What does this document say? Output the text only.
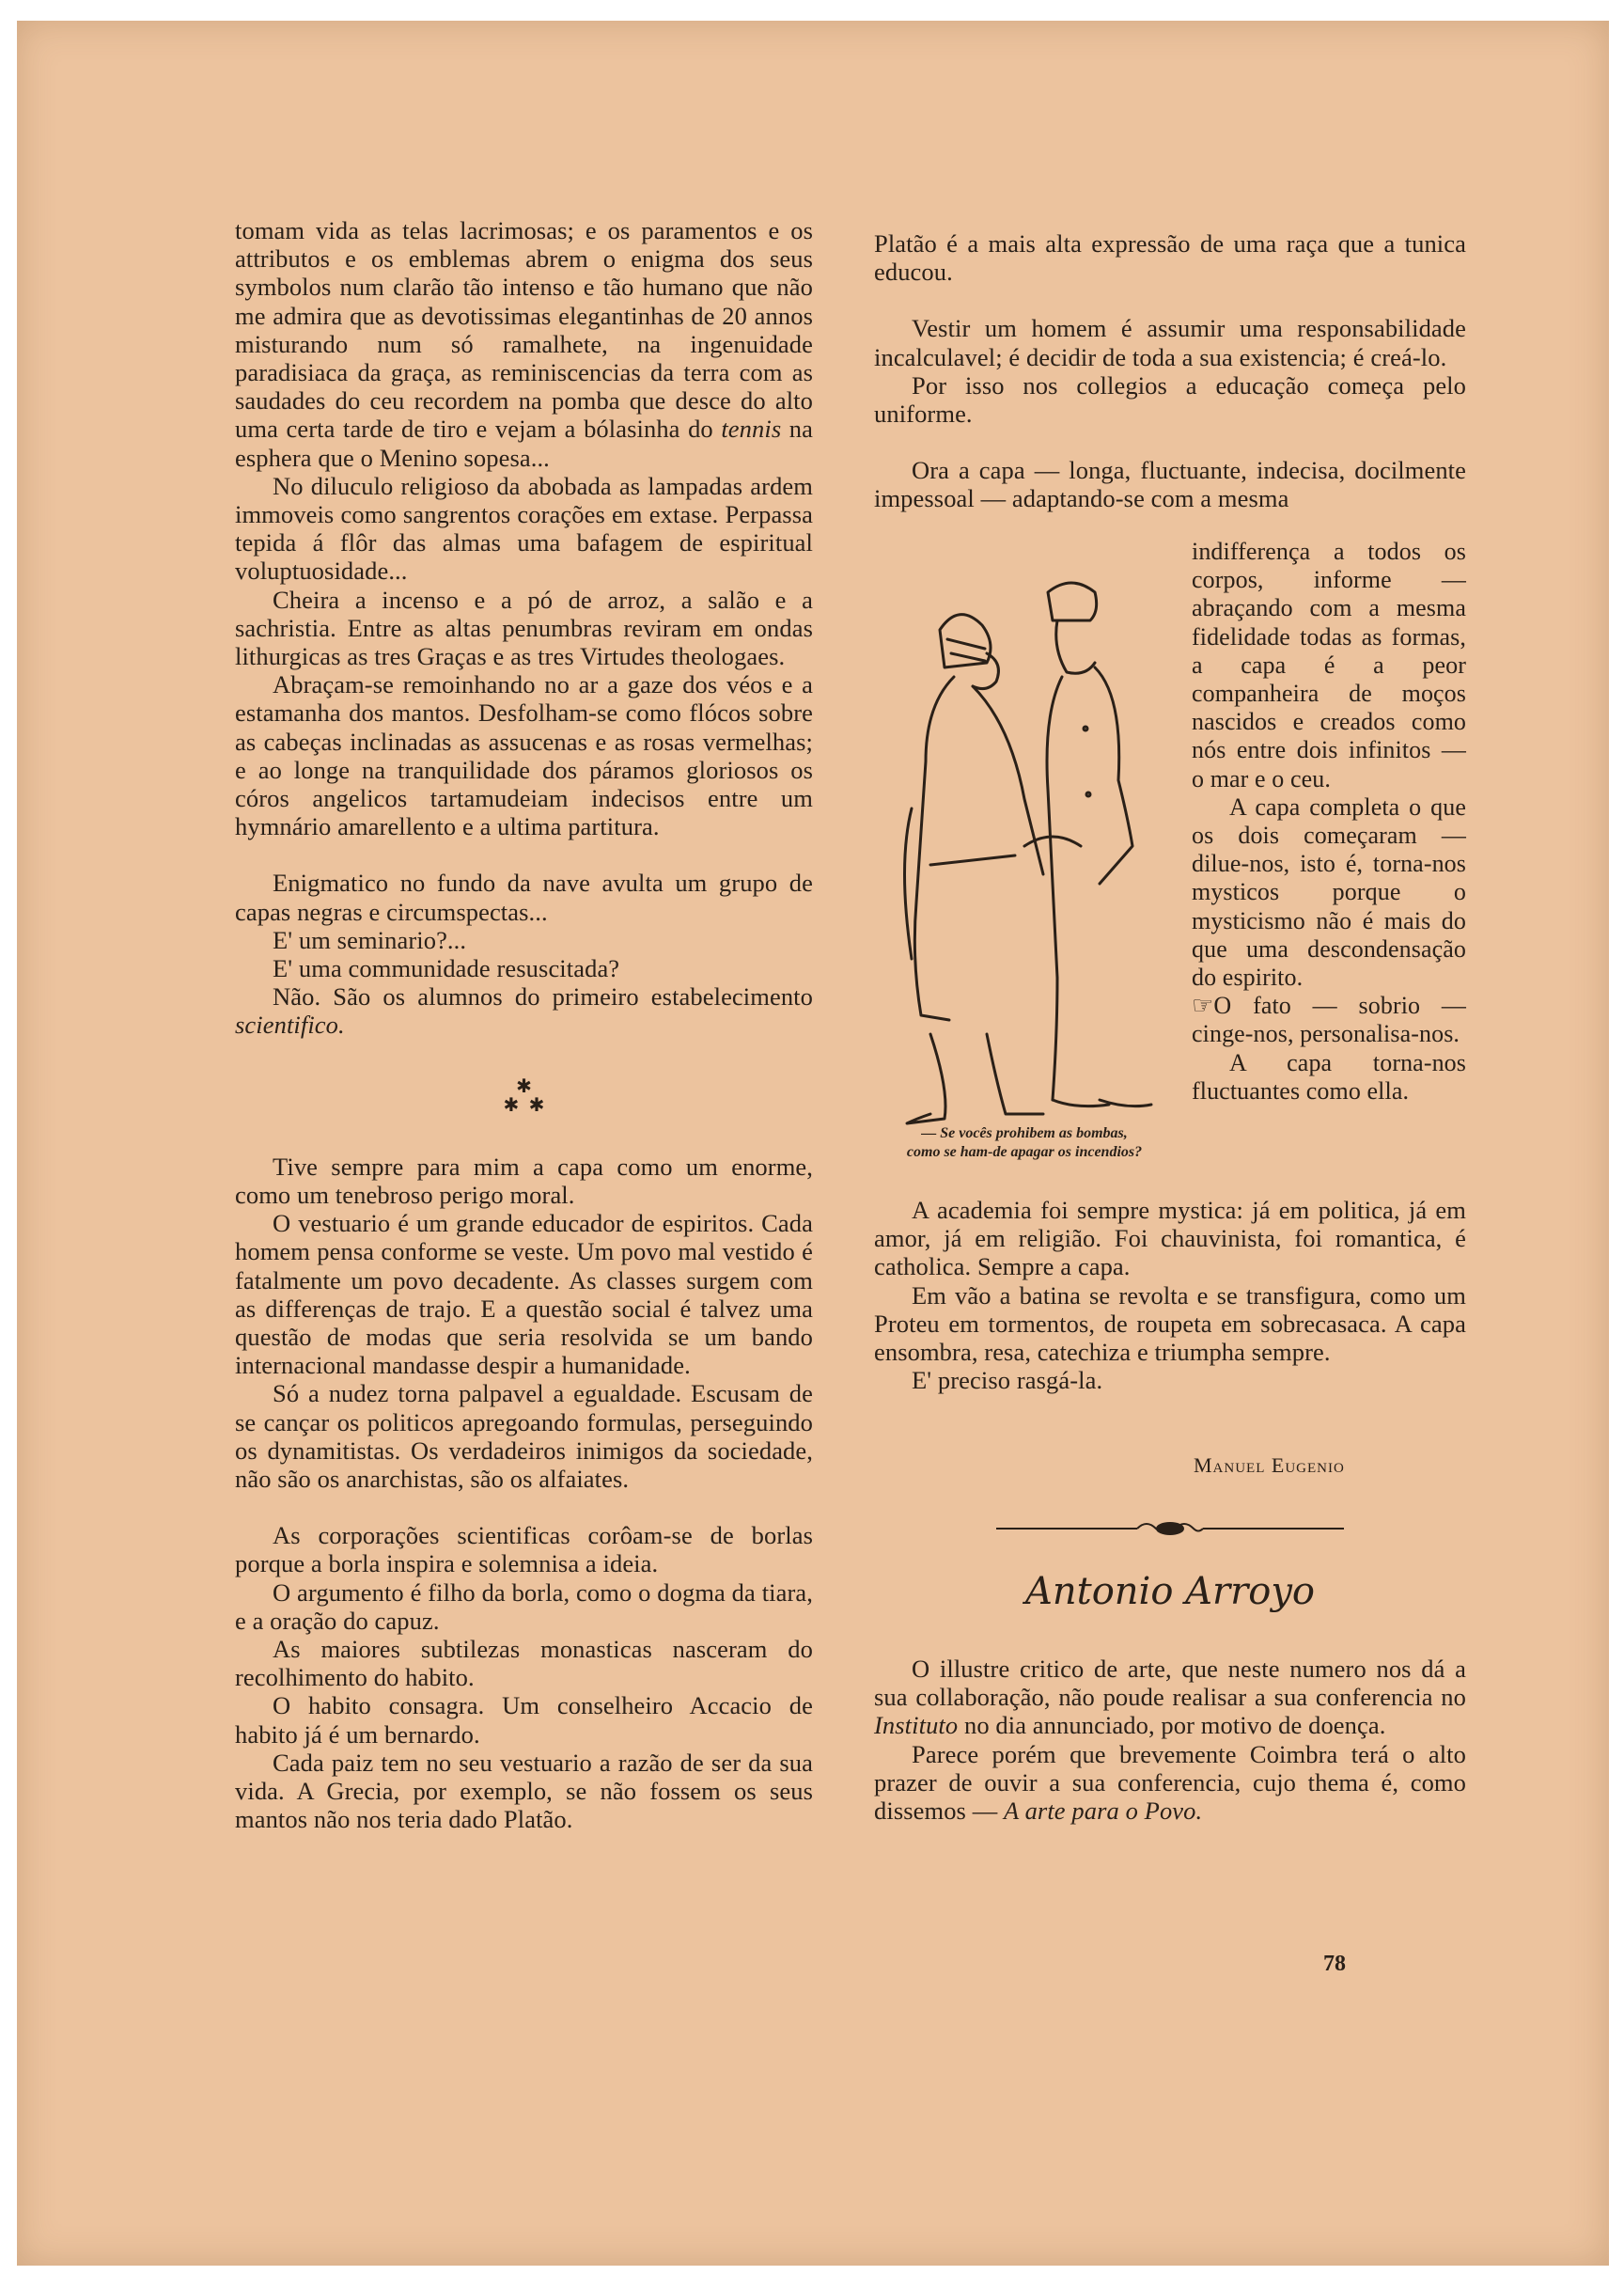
tomam vida as telas lacrimosas; e os paramentos e os attributos e os emblemas abrem o enigma dos seus symbolos num clarão tão intenso e tão humano que não me admira que as devotissimas elegantinhas de 20 annos misturando num só ramalhete, na ingenuidade paradisiaca da graça, as reminiscencias da terra com as saudades do ceu recordem na pomba que desce do alto uma certa tarde de tiro e vejam a bólasinha do tennis na esphera que o Menino sopesa...

No diluculo religioso da abobada as lampadas ardem immoveis como sangrentos corações em extase. Perpassa tepida á flôr das almas uma bafagem de espiritual voluptuosidade...

Cheira a incenso e a pó de arroz, a salão e a sachristia. Entre as altas penumbras reviram em ondas lithurgicas as tres Graças e as tres Virtudes theologaes.

Abraçam-se remoinhando no ar a gaze dos véos e a estamanha dos mantos. Desfolham-se como flócos sobre as cabeças inclinadas as assucenas e as rosas vermelhas; e ao longe na tranquilidade dos páramos gloriosos os córos angelicos tartamudeiam indecisos entre um hymnário amarellento e a ultima partitura.

Enigmatico no fundo da nave avulta um grupo de capas negras e circumspectas...

E' um seminario?...

E' uma communidade resuscitada?

Não. São os alumnos do primeiro estabelecimento scientifico.

✱
✱  ✱

Tive sempre para mim a capa como um enorme, como um tenebroso perigo moral.

O vestuario é um grande educador de espiritos. Cada homem pensa conforme se veste. Um povo mal vestido é fatalmente um povo decadente. As classes surgem com as differenças de trajo. E a questão social é talvez uma questão de modas que seria resolvida se um bando internacional mandasse despir a humanidade.

Só a nudez torna palpavel a egualdade. Escusam de se cançar os politicos apregoando formulas, perseguindo os dynamitistas. Os verdadeiros inimigos da sociedade, não são os anarchistas, são os alfaiates.

As corporações scientificas corôam-se de borlas porque a borla inspira e solemnisa a ideia.

O argumento é filho da borla, como o dogma da tiara, e a oração do capuz.

As maiores subtilezas monasticas nasceram do recolhimento do habito.

O habito consagra. Um conselheiro Accacio de habito já é um bernardo.

Cada paiz tem no seu vestuario a razão de ser da sua vida. A Grecia, por exemplo, se não fossem os seus mantos não nos teria dado Platão.

Platão é a mais alta expressão de uma raça que a tunica educou.

Vestir um homem é assumir uma responsabilidade incalculavel; é decidir de toda a sua existencia; é creá-lo.

Por isso nos collegios a educação começa pelo uniforme.

Ora a capa — longa, fluctuante, indecisa, docilmente impessoal — adaptando-se com a mesma

indifferença a todos os corpos, informe — abraçando com a mesma fidelidade todas as formas, a capa é a peor companheira de moços nascidos e creados como nós entre dois infinitos — o mar e o ceu.

A capa completa o que os dois começaram — dilue-nos, isto é, torna-nos mysticos porque o mysticismo não é mais do que uma descondensação do espirito.

☞O fato — sobrio — cinge-nos, personalisa-nos.

A capa torna-nos fluctuantes como ella.

— Se vocês prohibem as bombas,
como se ham-de apagar os incendios?

A academia foi sempre mystica: já em politica, já em amor, já em religião. Foi chauvinista, foi romantica, é catholica. Sempre a capa.

Em vão a batina se revolta e se transfigura, como um Proteu em tormentos, de roupeta em sobrecasaca. A capa ensombra, resa, catechiza e triumpha sempre.

E' preciso rasgá-la.

Manuel Eugenio
Antonio Arroyo

O illustre critico de arte, que neste numero nos dá a sua collaboração, não poude realisar a sua conferencia no Instituto no dia annunciado, por motivo de doença.

Parece porém que brevemente Coimbra terá o alto prazer de ouvir a sua conferencia, cujo thema é, como dissemos — A arte para o Povo.

78
